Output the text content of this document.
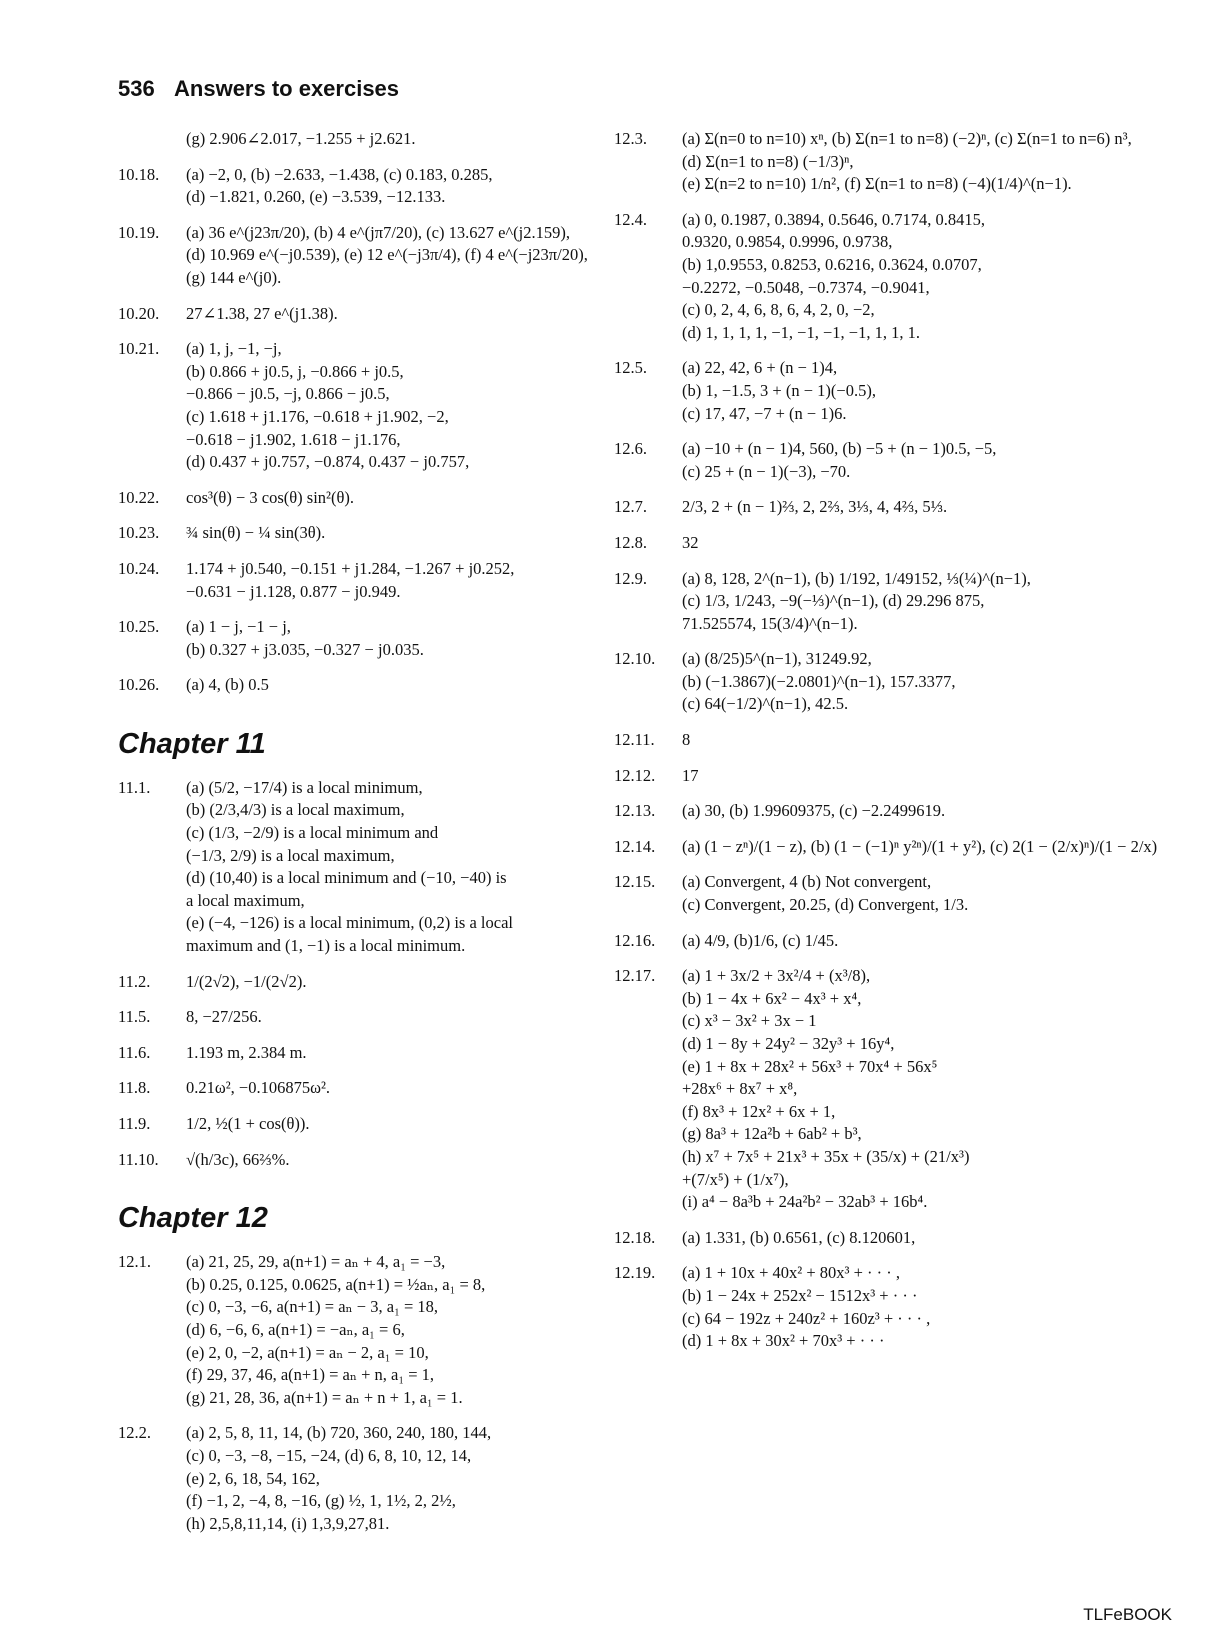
536 Answers to exercises
(g) 2.906∠2.017, −1.255 + j2.621.
10.18. (a) −2, 0, (b) −2.633, −1.438, (c) 0.183, 0.285,
(d) −1.821, 0.260, (e) −3.539, −12.133.
10.19. (a) 36 e^(j23π/20), (b) 4 e^(jπ7/20), (c) 13.627 e^(j2.159),
(d) 10.969 e^(−j0.539), (e) 12 e^(−j3π/4), (f) 4 e^(−j23π/20),
(g) 144 e^(j0).
10.20. 27∠1.38, 27 e^(j1.38).
10.21. (a) 1, j, −1, −j,
(b) 0.866 + j0.5, j, −0.866 + j0.5,
−0.866 − j0.5, −j, 0.866 − j0.5,
(c) 1.618 + j1.176, −0.618 + j1.902, −2,
−0.618 − j1.902, 1.618 − j1.176,
(d) 0.437 + j0.757, −0.874, 0.437 − j0.757,
10.22. cos³(θ) − 3 cos(θ) sin²(θ).
10.23. ¾ sin(θ) − ¼ sin(3θ).
10.24. 1.174 + j0.540, −0.151 + j1.284, −1.267 + j0.252,
−0.631 − j1.128, 0.877 − j0.949.
10.25. (a) 1 − j, −1 − j,
(b) 0.327 + j3.035, −0.327 − j0.035.
10.26. (a) 4, (b) 0.5
Chapter 11
11.1. (a) (5/2, −17/4) is a local minimum,
(b) (2/3,4/3) is a local maximum,
(c) (1/3, −2/9) is a local minimum and
(−1/3, 2/9) is a local maximum,
(d) (10,40) is a local minimum and (−10, −40) is
a local maximum,
(e) (−4, −126) is a local minimum, (0,2) is a local
maximum and (1, −1) is a local minimum.
11.2. 1/(2√2), −1/(2√2).
11.5. 8, −27/256.
11.6. 1.193 m, 2.384 m.
11.8. 0.21ω², −0.106875ω².
11.9. 1/2, ½(1 + cos(θ)).
11.10. √(h/3c), 66⅔%.
Chapter 12
12.1. (a) 21, 25, 29, a(n+1) = aₙ + 4, a₁ = −3,
(b) 0.25, 0.125, 0.0625, a(n+1) = ½aₙ, a₁ = 8,
(c) 0, −3, −6, a(n+1) = aₙ − 3, a₁ = 18,
(d) 6, −6, 6, a(n+1) = −aₙ, a₁ = 6,
(e) 2, 0, −2, a(n+1) = aₙ − 2, a₁ = 10,
(f) 29, 37, 46, a(n+1) = aₙ + n, a₁ = 1,
(g) 21, 28, 36, a(n+1) = aₙ + n + 1, a₁ = 1.
12.2. (a) 2, 5, 8, 11, 14, (b) 720, 360, 240, 180, 144,
(c) 0, −3, −8, −15, −24, (d) 6, 8, 10, 12, 14,
(e) 2, 6, 18, 54, 162,
(f) −1, 2, −4, 8, −16, (g) ½, 1, 1½, 2, 2½,
(h) 2,5,8,11,14, (i) 1,3,9,27,81.
12.3. (a) Σ(n=0 to n=10) xⁿ, (b) Σ(n=1 to n=8) (−2)ⁿ, (c) Σ(n=1 to n=6) n³,
(d) Σ(n=1 to n=8) (−1/3)ⁿ,
(e) Σ(n=2 to n=10) 1/n², (f) Σ(n=1 to n=8) (−4)(1/4)^(n−1).
12.4. (a) 0, 0.1987, 0.3894, 0.5646, 0.7174, 0.8415,
0.9320, 0.9854, 0.9996, 0.9738,
(b) 1,0.9553, 0.8253, 0.6216, 0.3624, 0.0707,
−0.2272, −0.5048, −0.7374, −0.9041,
(c) 0, 2, 4, 6, 8, 6, 4, 2, 0, −2,
(d) 1, 1, 1, 1, −1, −1, −1, −1, 1, 1, 1.
12.5. (a) 22, 42, 6 + (n − 1)4,
(b) 1, −1.5, 3 + (n − 1)(−0.5),
(c) 17, 47, −7 + (n − 1)6.
12.6. (a) −10 + (n − 1)4, 560, (b) −5 + (n − 1)0.5, −5,
(c) 25 + (n − 1)(−3), −70.
12.7. 2/3, 2 + (n − 1)⅔, 2, 2⅔, 3⅓, 4, 4⅔, 5⅓.
12.8. 32
12.9. (a) 8, 128, 2^(n−1), (b) 1/192, 1/49152, ⅓(¼)^(n−1),
(c) 1/3, 1/243, −9(−⅓)^(n−1), (d) 29.296 875,
71.525574, 15(3/4)^(n−1).
12.10. (a) (8/25)5^(n−1), 31249.92,
(b) (−1.3867)(−2.0801)^(n−1), 157.3377,
(c) 64(−1/2)^(n−1), 42.5.
12.11. 8
12.12. 17
12.13. (a) 30, (b) 1.99609375, (c) −2.2499619.
12.14. (a) (1 − zⁿ)/(1 − z), (b) (1 − (−1)ⁿ y²ⁿ)/(1 + y²), (c) 2(1 − (2/x)ⁿ)/(1 − 2/x)
12.15. (a) Convergent, 4 (b) Not convergent,
(c) Convergent, 20.25, (d) Convergent, 1/3.
12.16. (a) 4/9, (b)1/6, (c) 1/45.
12.17. (a) 1 + 3x/2 + 3x²/4 + (x³/8),
(b) 1 − 4x + 6x² − 4x³ + x⁴,
(c) x³ − 3x² + 3x − 1
(d) 1 − 8y + 24y² − 32y³ + 16y⁴,
(e) 1 + 8x + 28x² + 56x³ + 70x⁴ + 56x⁵
+28x⁶ + 8x⁷ + x⁸,
(f) 8x³ + 12x² + 6x + 1,
(g) 8a³ + 12a²b + 6ab² + b³,
(h) x⁷ + 7x⁵ + 21x³ + 35x + (35/x) + (21/x³)
+(7/x⁵) + (1/x⁷),
(i) a⁴ − 8a³b + 24a²b² − 32ab³ + 16b⁴.
12.18. (a) 1.331, (b) 0.6561, (c) 8.120601,
12.19. (a) 1 + 10x + 40x² + 80x³ + · · · ,
(b) 1 − 24x + 252x² − 1512x³ + · · ·
(c) 64 − 192z + 240z² + 160z³ + · · · ,
(d) 1 + 8x + 30x² + 70x³ + · · ·
TLFeBOOK
